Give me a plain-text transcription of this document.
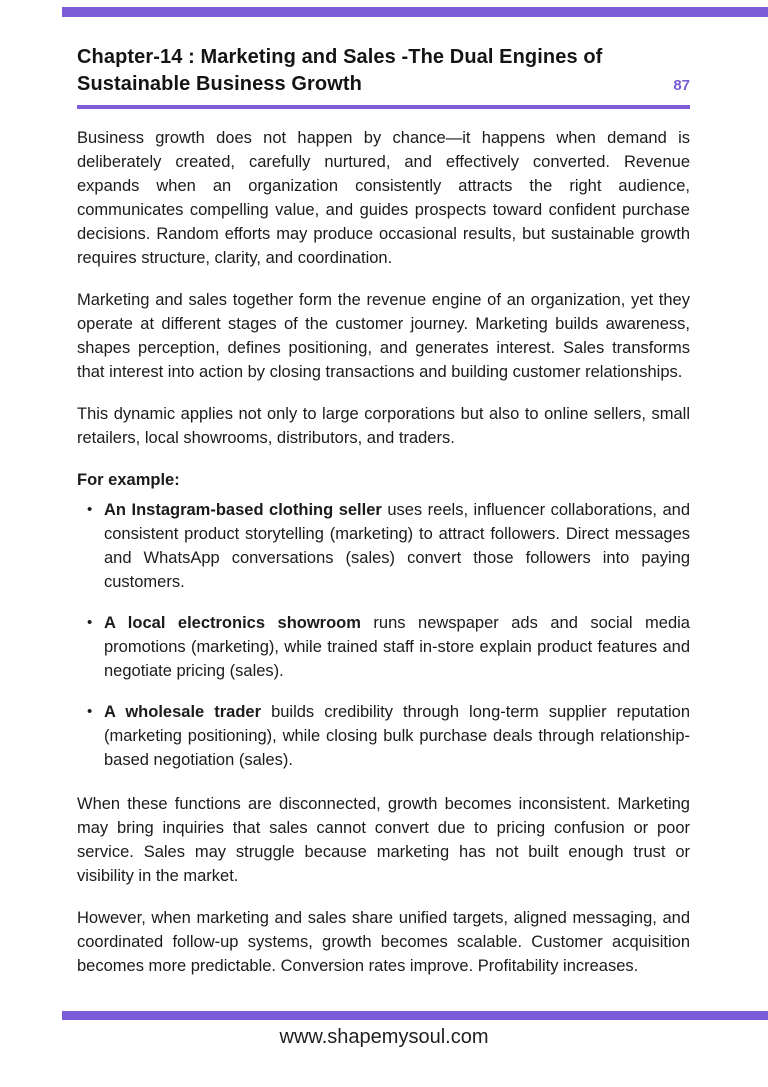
Chapter-14 : Marketing and Sales -The Dual Engines of Sustainable Business Growth	87

Business growth does not happen by chance—it happens when demand is deliberately created, carefully nurtured, and effectively converted. Revenue expands when an organization consistently attracts the right audience, communicates compelling value, and guides prospects toward confident purchase decisions. Random efforts may produce occasional results, but sustainable growth requires structure, clarity, and coordination.

Marketing and sales together form the revenue engine of an organization, yet they operate at different stages of the customer journey. Marketing builds awareness, shapes perception, defines positioning, and generates interest. Sales transforms that interest into action by closing transactions and building customer relationships.

This dynamic applies not only to large corporations but also to online sellers, small retailers, local showrooms, distributors, and traders.

For example:

• An Instagram-based clothing seller uses reels, influencer collaborations, and consistent product storytelling (marketing) to attract followers. Direct messages and WhatsApp conversations (sales) convert those followers into paying customers.

• A local electronics showroom runs newspaper ads and social media promotions (marketing), while trained staff in-store explain product features and negotiate pricing (sales).

• A wholesale trader builds credibility through long-term supplier reputation (marketing positioning), while closing bulk purchase deals through relationship-based negotiation (sales).

When these functions are disconnected, growth becomes inconsistent. Marketing may bring inquiries that sales cannot convert due to pricing confusion or poor service. Sales may struggle because marketing has not built enough trust or visibility in the market.

However, when marketing and sales share unified targets, aligned messaging, and coordinated follow-up systems, growth becomes scalable. Customer acquisition becomes more predictable. Conversion rates improve. Profitability increases.

www.shapemysoul.com
